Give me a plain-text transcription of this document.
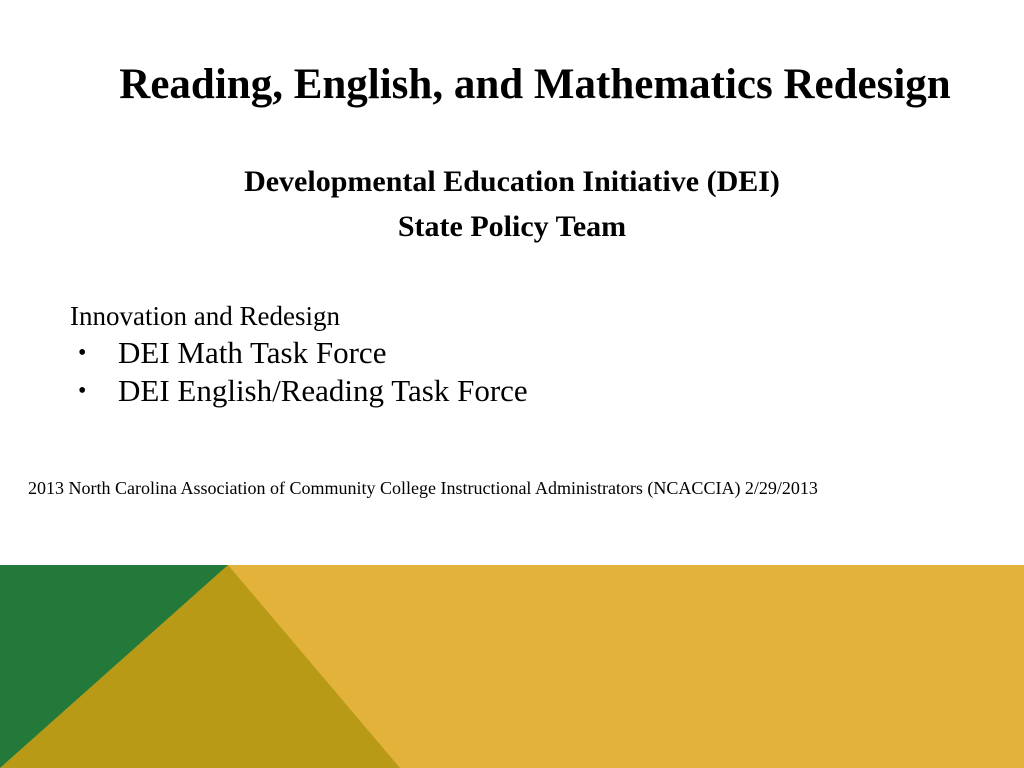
Reading, English, and Mathematics Redesign
Developmental Education Initiative (DEI)
State Policy Team
Innovation and Redesign
• DEI Math Task Force
• DEI English/Reading Task Force
2013 North Carolina Association of Community College Instructional Administrators (NCACCIA) 2/29/2013
